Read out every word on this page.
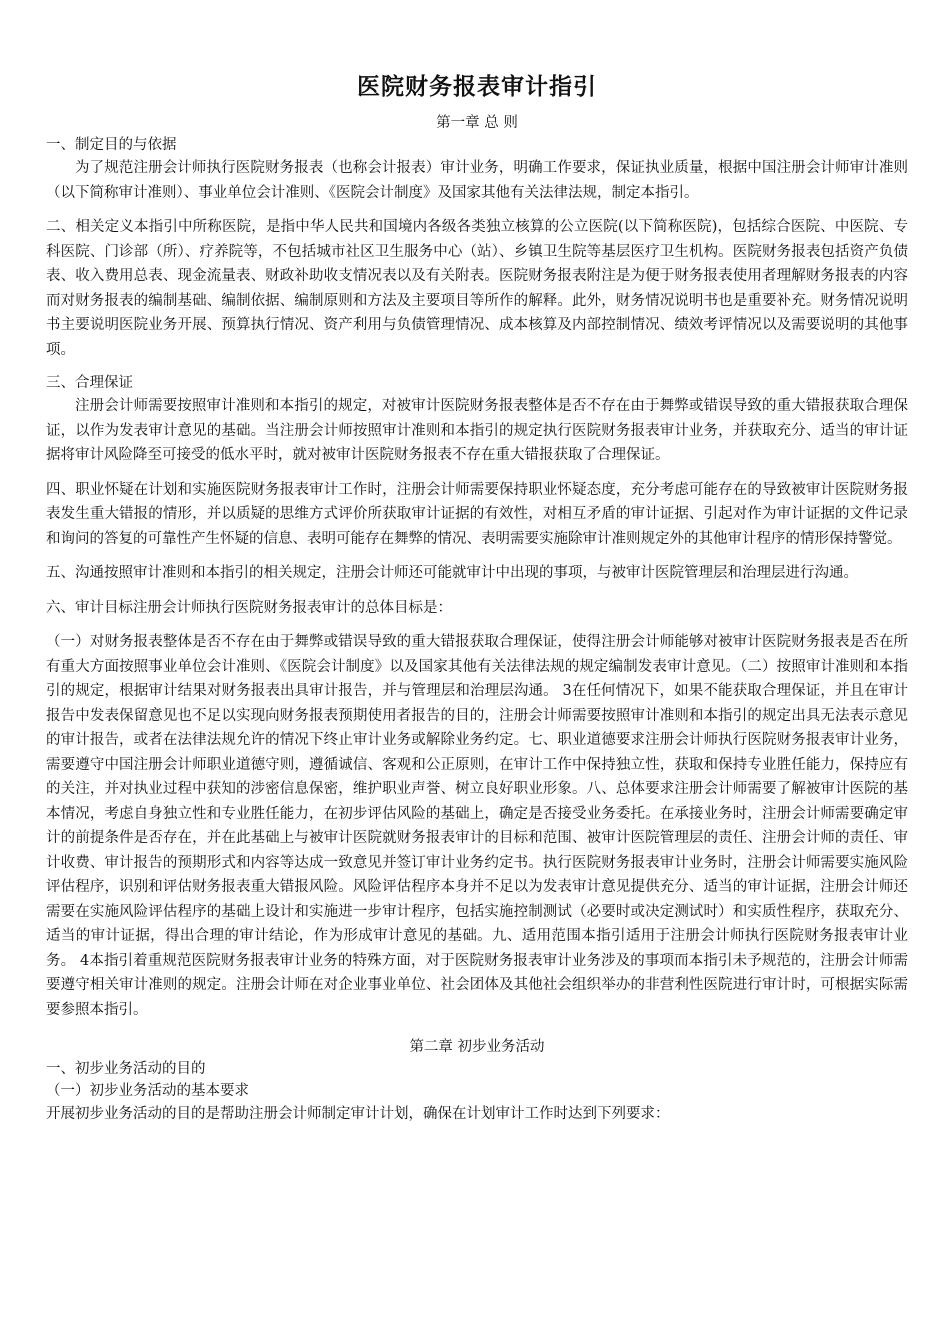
医院财务报表审计指引
第一章 总 则
一、制定目的与依据

为了规范注册会计师执行医院财务报表（也称会计报表）审计业务，明确工作要求，保证执业质量，根据中国注册会计师审计准则（以下简称审计准则）、事业单位会计准则、《医院会计制度》及国家其他有关法律法规，制定本指引。

二、相关定义本指引中所称医院，是指中华人民共和国境内各级各类独立核算的公立医院(以下简称医院)，包括综合医院、中医院、专科医院、门诊部（所）、疗养院等，不包括城市社区卫生服务中心（站）、乡镇卫生院等基层医疗卫生机构。医院财务报表包括资产负债表、收入费用总表、现金流量表、财政补助收支情况表以及有关附表。医院财务报表附注是为便于财务报表使用者理解财务报表的内容而对财务报表的编制基础、编制依据、编制原则和方法及主要项目等所作的解释。此外，财务情况说明书也是重要补充。财务情况说明书主要说明医院业务开展、预算执行情况、资产利用与负债管理情况、成本核算及内部控制情况、绩效考评情况以及需要说明的其他事项。

三、合理保证

注册会计师需要按照审计准则和本指引的规定，对被审计医院财务报表整体是否不存在由于舞弊或错误导致的重大错报获取合理保证，以作为发表审计意见的基础。当注册会计师按照审计准则和本指引的规定执行医院财务报表审计业务，并获取充分、适当的审计证据将审计风险降至可接受的低水平时，就对被审计医院财务报表不存在重大错报获取了合理保证。

四、职业怀疑在计划和实施医院财务报表审计工作时，注册会计师需要保持职业怀疑态度，充分考虑可能存在的导致被审计医院财务报表发生重大错报的情形，并以质疑的思维方式评价所获取审计证据的有效性，对相互矛盾的审计证据、引起对作为审计证据的文件记录和询问的答复的可靠性产生怀疑的信息、表明可能存在舞弊的情况、表明需要实施除审计准则规定外的其他审计程序的情形保持警觉。

五、沟通按照审计准则和本指引的相关规定，注册会计师还可能就审计中出现的事项，与被审计医院管理层和治理层进行沟通。

六、审计目标注册会计师执行医院财务报表审计的总体目标是：

（一）对财务报表整体是否不存在由于舞弊或错误导致的重大错报获取合理保证，使得注册会计师能够对被审计医院财务报表是否在所有重大方面按照事业单位会计准则、《医院会计制度》以及国家其他有关法律法规的规定编制发表审计意见。（二）按照审计准则和本指引的规定，根据审计结果对财务报表出具审计报告，并与管理层和治理层沟通。 3在任何情况下，如果不能获取合理保证，并且在审计报告中发表保留意见也不足以实现向财务报表预期使用者报告的目的，注册会计师需要按照审计准则和本指引的规定出具无法表示意见的审计报告，或者在法律法规允许的情况下终止审计业务或解除业务约定。七、职业道德要求注册会计师执行医院财务报表审计业务，需要遵守中国注册会计师职业道德守则，遵循诚信、客观和公正原则，在审计工作中保持独立性，获取和保持专业胜任能力，保持应有的关注，并对执业过程中获知的涉密信息保密，维护职业声誉、树立良好职业形象。八、总体要求注册会计师需要了解被审计医院的基本情况，考虑自身独立性和专业胜任能力，在初步评估风险的基础上，确定是否接受业务委托。在承接业务时，注册会计师需要确定审计的前提条件是否存在，并在此基础上与被审计医院就财务报表审计的目标和范围、被审计医院管理层的责任、注册会计师的责任、审计收费、审计报告的预期形式和内容等达成一致意见并签订审计业务约定书。执行医院财务报表审计业务时，注册会计师需要实施风险评估程序，识别和评估财务报表重大错报风险。风险评估程序本身并不足以为发表审计意见提供充分、适当的审计证据，注册会计师还需要在实施风险评估程序的基础上设计和实施进一步审计程序，包括实施控制测试（必要时或决定测试时）和实质性程序，获取充分、适当的审计证据，得出合理的审计结论，作为形成审计意见的基础。九、适用范围本指引适用于注册会计师执行医院财务报表审计业务。 4本指引着重规范医院财务报表审计业务的特殊方面，对于医院财务报表审计业务涉及的事项而本指引未予规范的，注册会计师需要遵守相关审计准则的规定。注册会计师在对企业事业单位、社会团体及其他社会组织举办的非营利性医院进行审计时，可根据实际需要参照本指引。

第二章 初步业务活动
一、初步业务活动的目的
（一）初步业务活动的基本要求

开展初步业务活动的目的是帮助注册会计师制定审计计划，确保在计划审计工作时达到下列要求：
